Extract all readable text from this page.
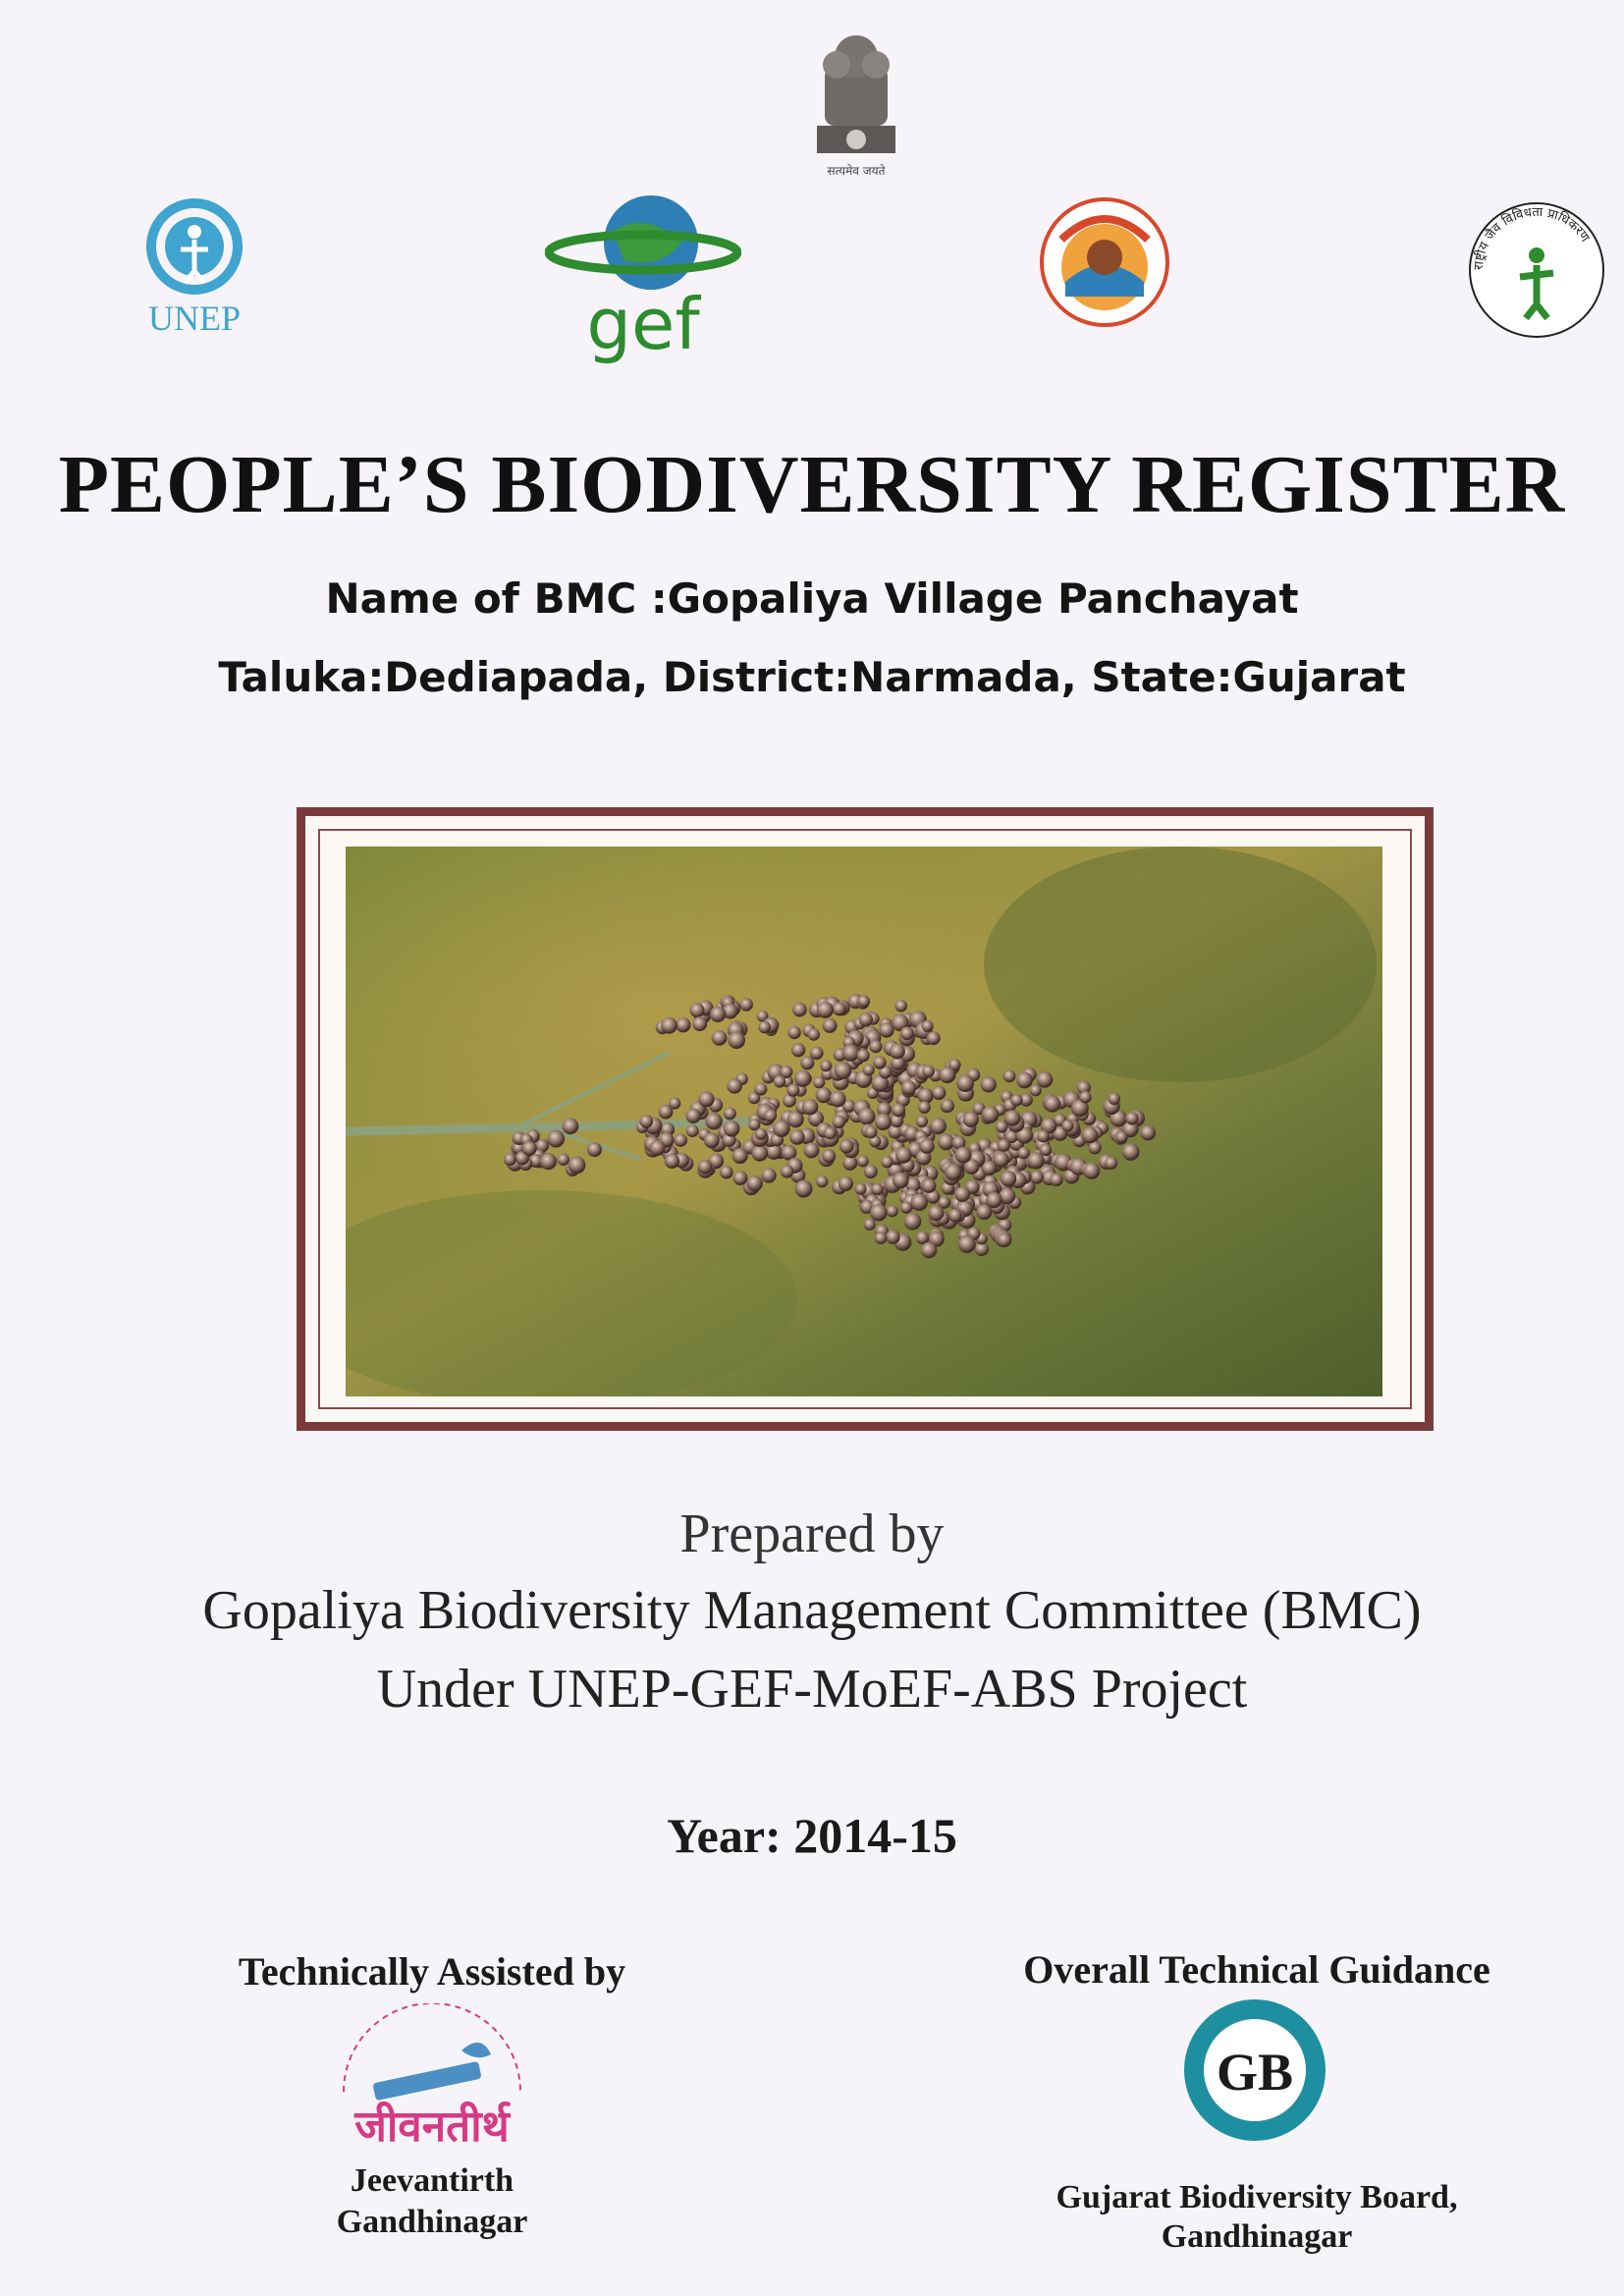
सत्यमेव जयते
UNEP	gef
राष्ट्रीय जैव विविधता प्राधिकरण
PEOPLE’S BIODIVERSITY REGISTER
Name of BMC :Gopaliya Village Panchayat
Taluka:Dediapada, District:Narmada, State:Gujarat
Prepared by
Gopaliya Biodiversity Management Committee (BMC)
Under UNEP-GEF-MoEF-ABS Project
Year: 2014-15
Technically Assisted by	Overall Technical Guidance
जीवनतीर्थ
GB
Jeevantirth
Gandhinagar
Gujarat Biodiversity Board,
Gandhinagar
